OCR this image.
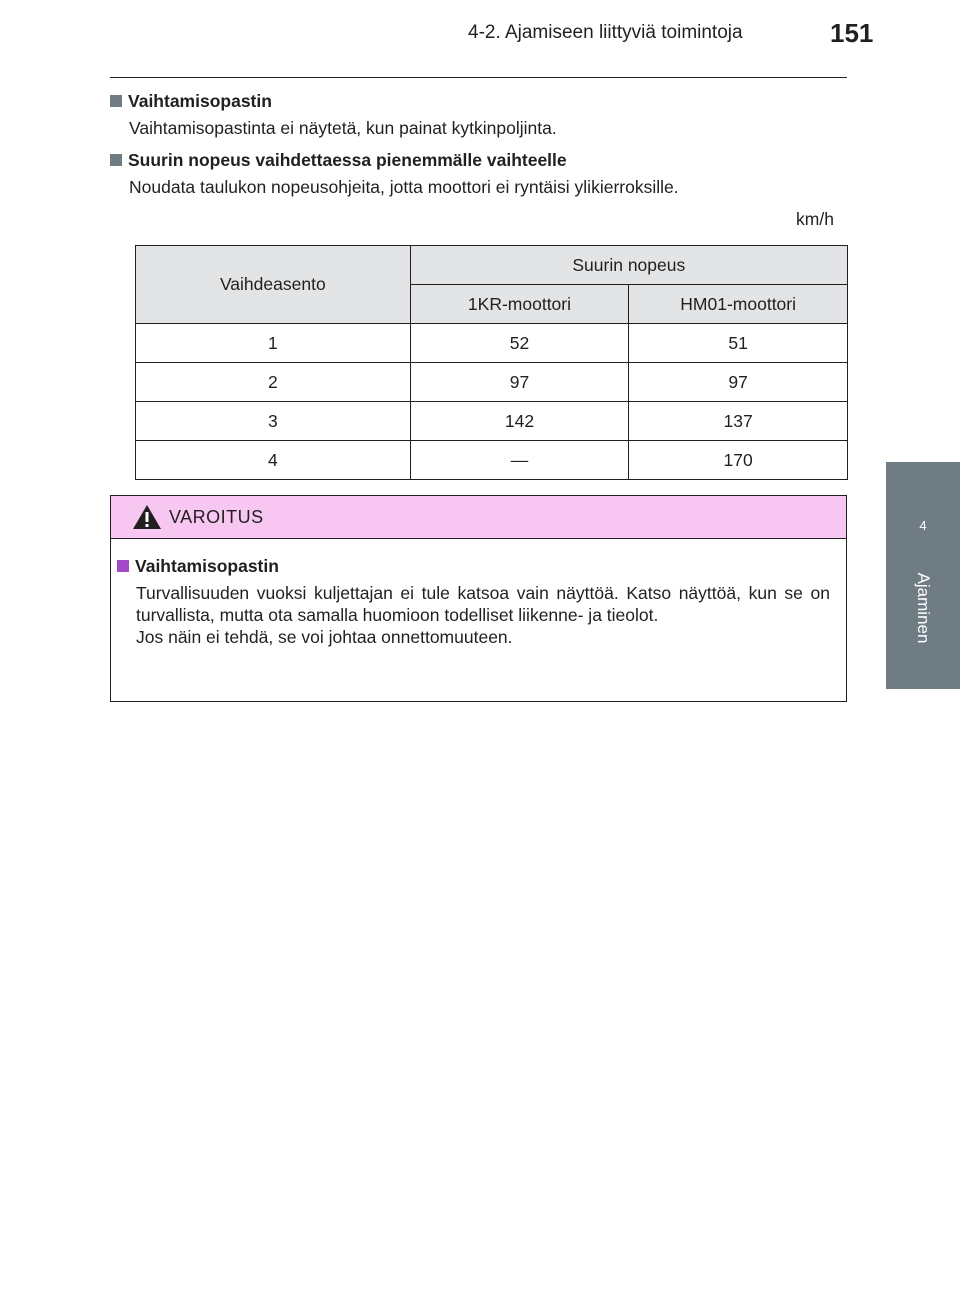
4-2. Ajamiseen liittyviä toimintoja	151
4
Ajaminen
Vaihtamisopastin
Vaihtamisopastinta ei näytetä, kun painat kytkinpoljinta.
Suurin nopeus vaihdettaessa pienemmälle vaihteelle
Noudata taulukon nopeusohjeita, jotta moottori ei ryntäisi ylikierroksille.
km/h
Vaihdeasento	Suurin nopeus	
	1KR-moottori	HM01-moottori
1	52	51
2	97	97
3	142	137
4	—	170
VAROITUS
Vaihtamisopastin

Turvallisuuden vuoksi kuljettajan ei tule katsoa vain näyttöä. Katso näyttöä, kun se on turvallista, mutta ota samalla huomioon todelliset liikenne- ja tieolot.

Jos näin ei tehdä, se voi johtaa onnettomuuteen.
